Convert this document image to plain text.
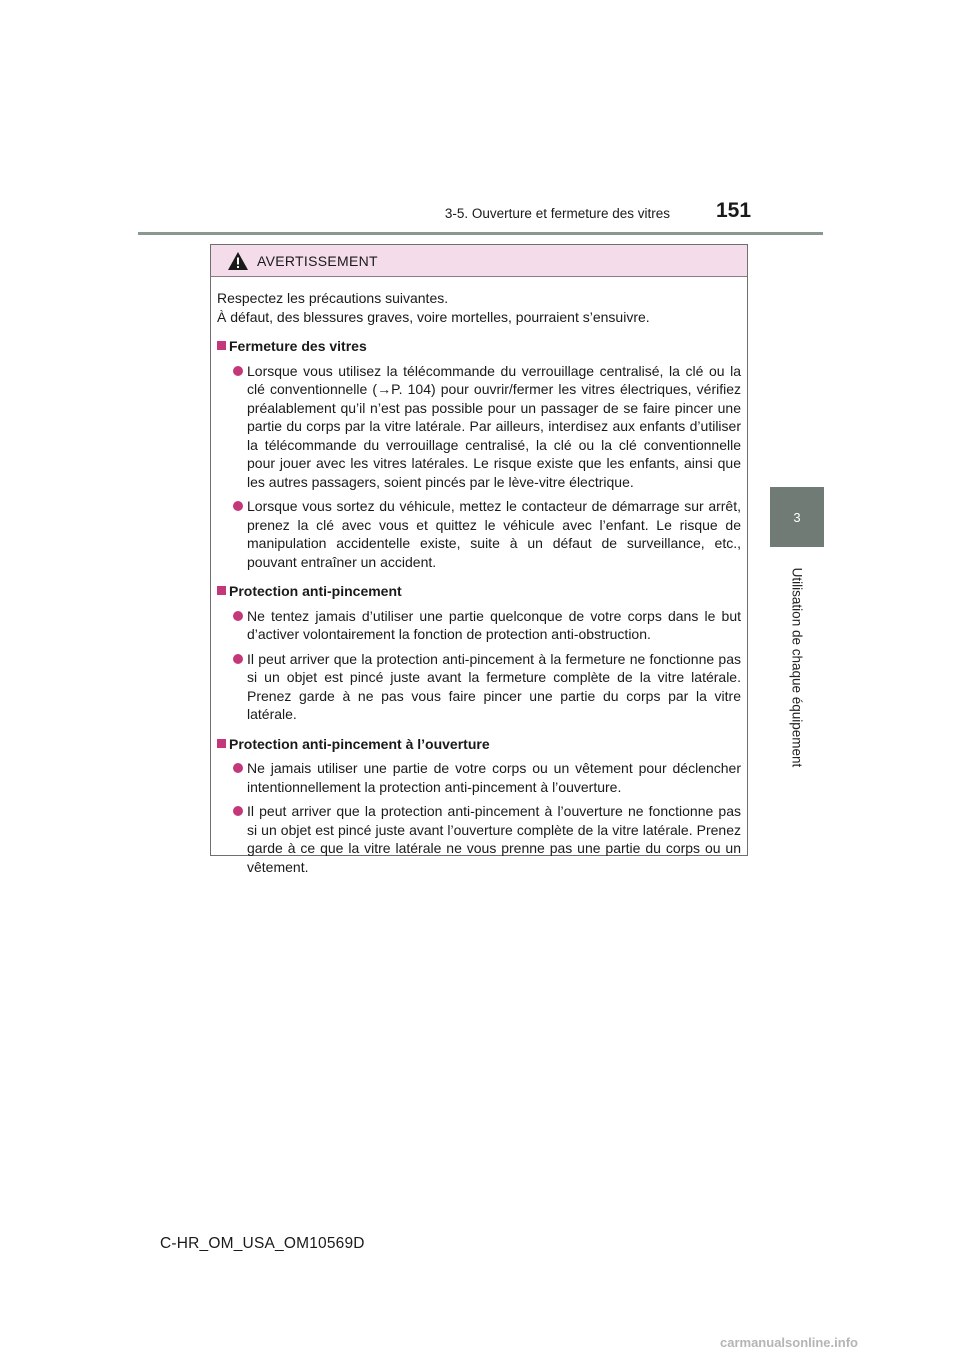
3-5. Ouverture et fermeture des vitres 151
3
Utilisation de chaque équipement
AVERTISSEMENT

Respectez les précautions suivantes.

À défaut, des blessures graves, voire mortelles, pourraient s’ensuivre.

Fermeture des vitres
Lorsque vous utilisez la télécommande du verrouillage centralisé, la clé ou la clé conventionnelle (→P. 104) pour ouvrir/fermer les vitres électriques, vérifiez préalablement qu’il n’est pas possible pour un passager de se faire pincer une partie du corps par la vitre latérale. Par ailleurs, interdisez aux enfants d’utiliser la télécommande du verrouillage centralisé, la clé ou la clé conventionnelle pour jouer avec les vitres latérales. Le risque existe que les enfants, ainsi que les autres passagers, soient pincés par le lève-vitre électrique.
Lorsque vous sortez du véhicule, mettez le contacteur de démarrage sur arrêt, prenez la clé avec vous et quittez le véhicule avec l’enfant. Le risque de manipulation accidentelle existe, suite à un défaut de surveillance, etc., pouvant entraîner un accident.
Protection anti-pincement
Ne tentez jamais d’utiliser une partie quelconque de votre corps dans le but d’activer volontairement la fonction de protection anti-obstruction.
Il peut arriver que la protection anti-pincement à la fermeture ne fonctionne pas si un objet est pincé juste avant la fermeture complète de la vitre latérale. Prenez garde à ne pas vous faire pincer une partie du corps par la vitre latérale.
Protection anti-pincement à l’ouverture
Ne jamais utiliser une partie de votre corps ou un vêtement pour déclencher intentionnellement la protection anti-pincement à l’ouverture.
Il peut arriver que la protection anti-pincement à l’ouverture ne fonctionne pas si un objet est pincé juste avant l’ouverture complète de la vitre latérale. Prenez garde à ce que la vitre latérale ne vous prenne pas une partie du corps ou un vêtement.
C-HR_OM_USA_OM10569D
carmanualsonline.info
